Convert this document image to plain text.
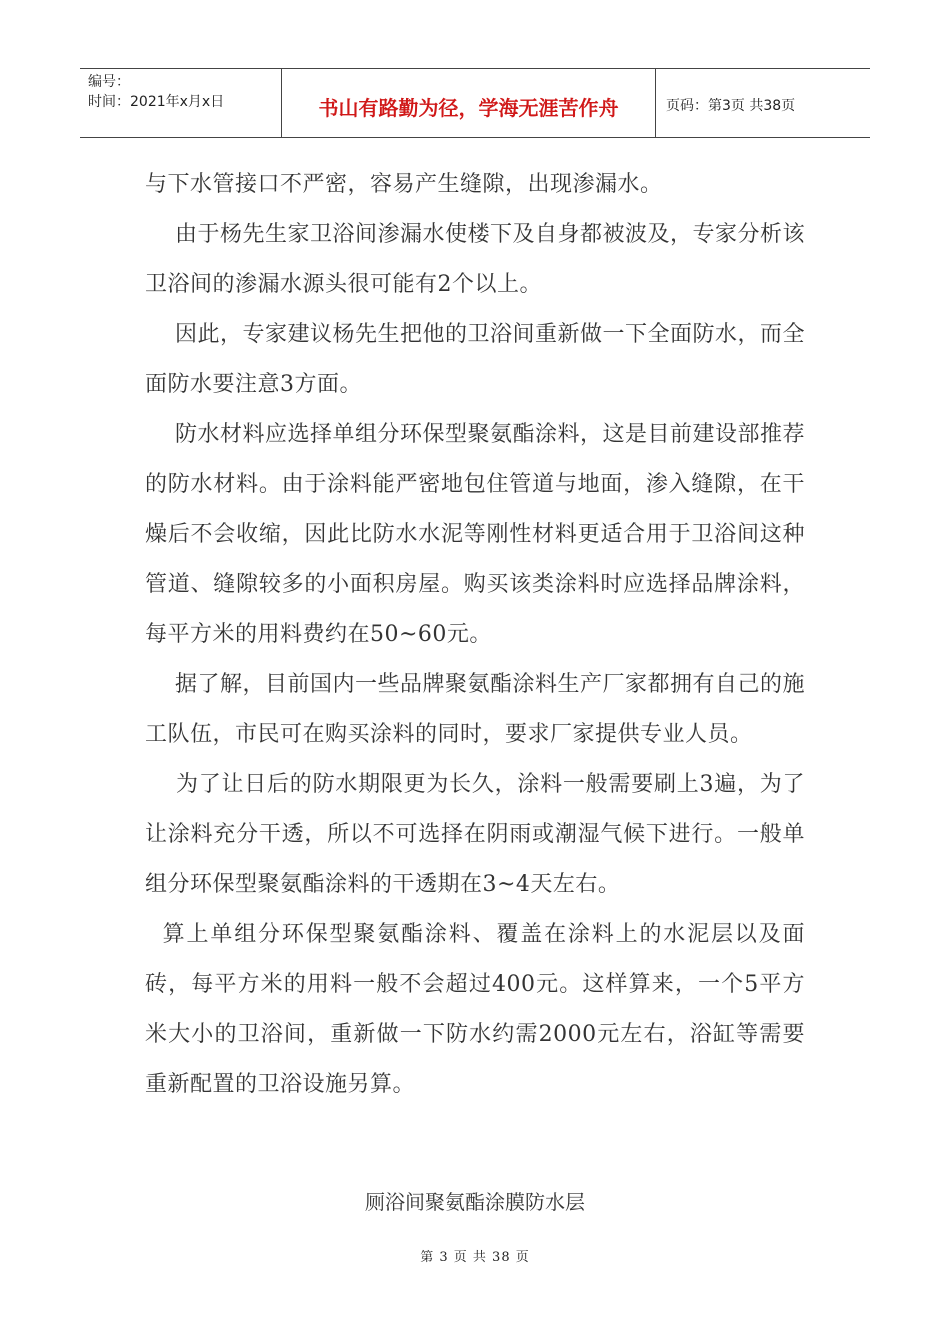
编号：
时间：2021年x月x日	书山有路勤为径，学海无涯苦作舟	页码：第3页 共38页

与下水管接口不严密，容易产生缝隙，出现渗漏水。

由于杨先生家卫浴间渗漏水使楼下及自身都被波及，专家分析该卫浴间的渗漏水源头很可能有2个以上。

因此，专家建议杨先生把他的卫浴间重新做一下全面防水，而全面防水要注意3方面。

防水材料应选择单组分环保型聚氨酯涂料，这是目前建设部推荐的防水材料。由于涂料能严密地包住管道与地面，渗入缝隙，在干燥后不会收缩，因此比防水水泥等刚性材料更适合用于卫浴间这种管道、缝隙较多的小面积房屋。购买该类涂料时应选择品牌涂料，每平方米的用料费约在50~60元。

据了解，目前国内一些品牌聚氨酯涂料生产厂家都拥有自己的施工队伍，市民可在购买涂料的同时，要求厂家提供专业人员。

为了让日后的防水期限更为长久，涂料一般需要刷上3遍，为了让涂料充分干透，所以不可选择在阴雨或潮湿气候下进行。一般单组分环保型聚氨酯涂料的干透期在3~4天左右。

算上单组分环保型聚氨酯涂料、覆盖在涂料上的水泥层以及面砖，每平方米的用料一般不会超过400元。这样算来，一个5平方米大小的卫浴间，重新做一下防水约需2000元左右，浴缸等需要重新配置的卫浴设施另算。

厕浴间聚氨酯涂膜防水层
第 3 页 共 38 页
